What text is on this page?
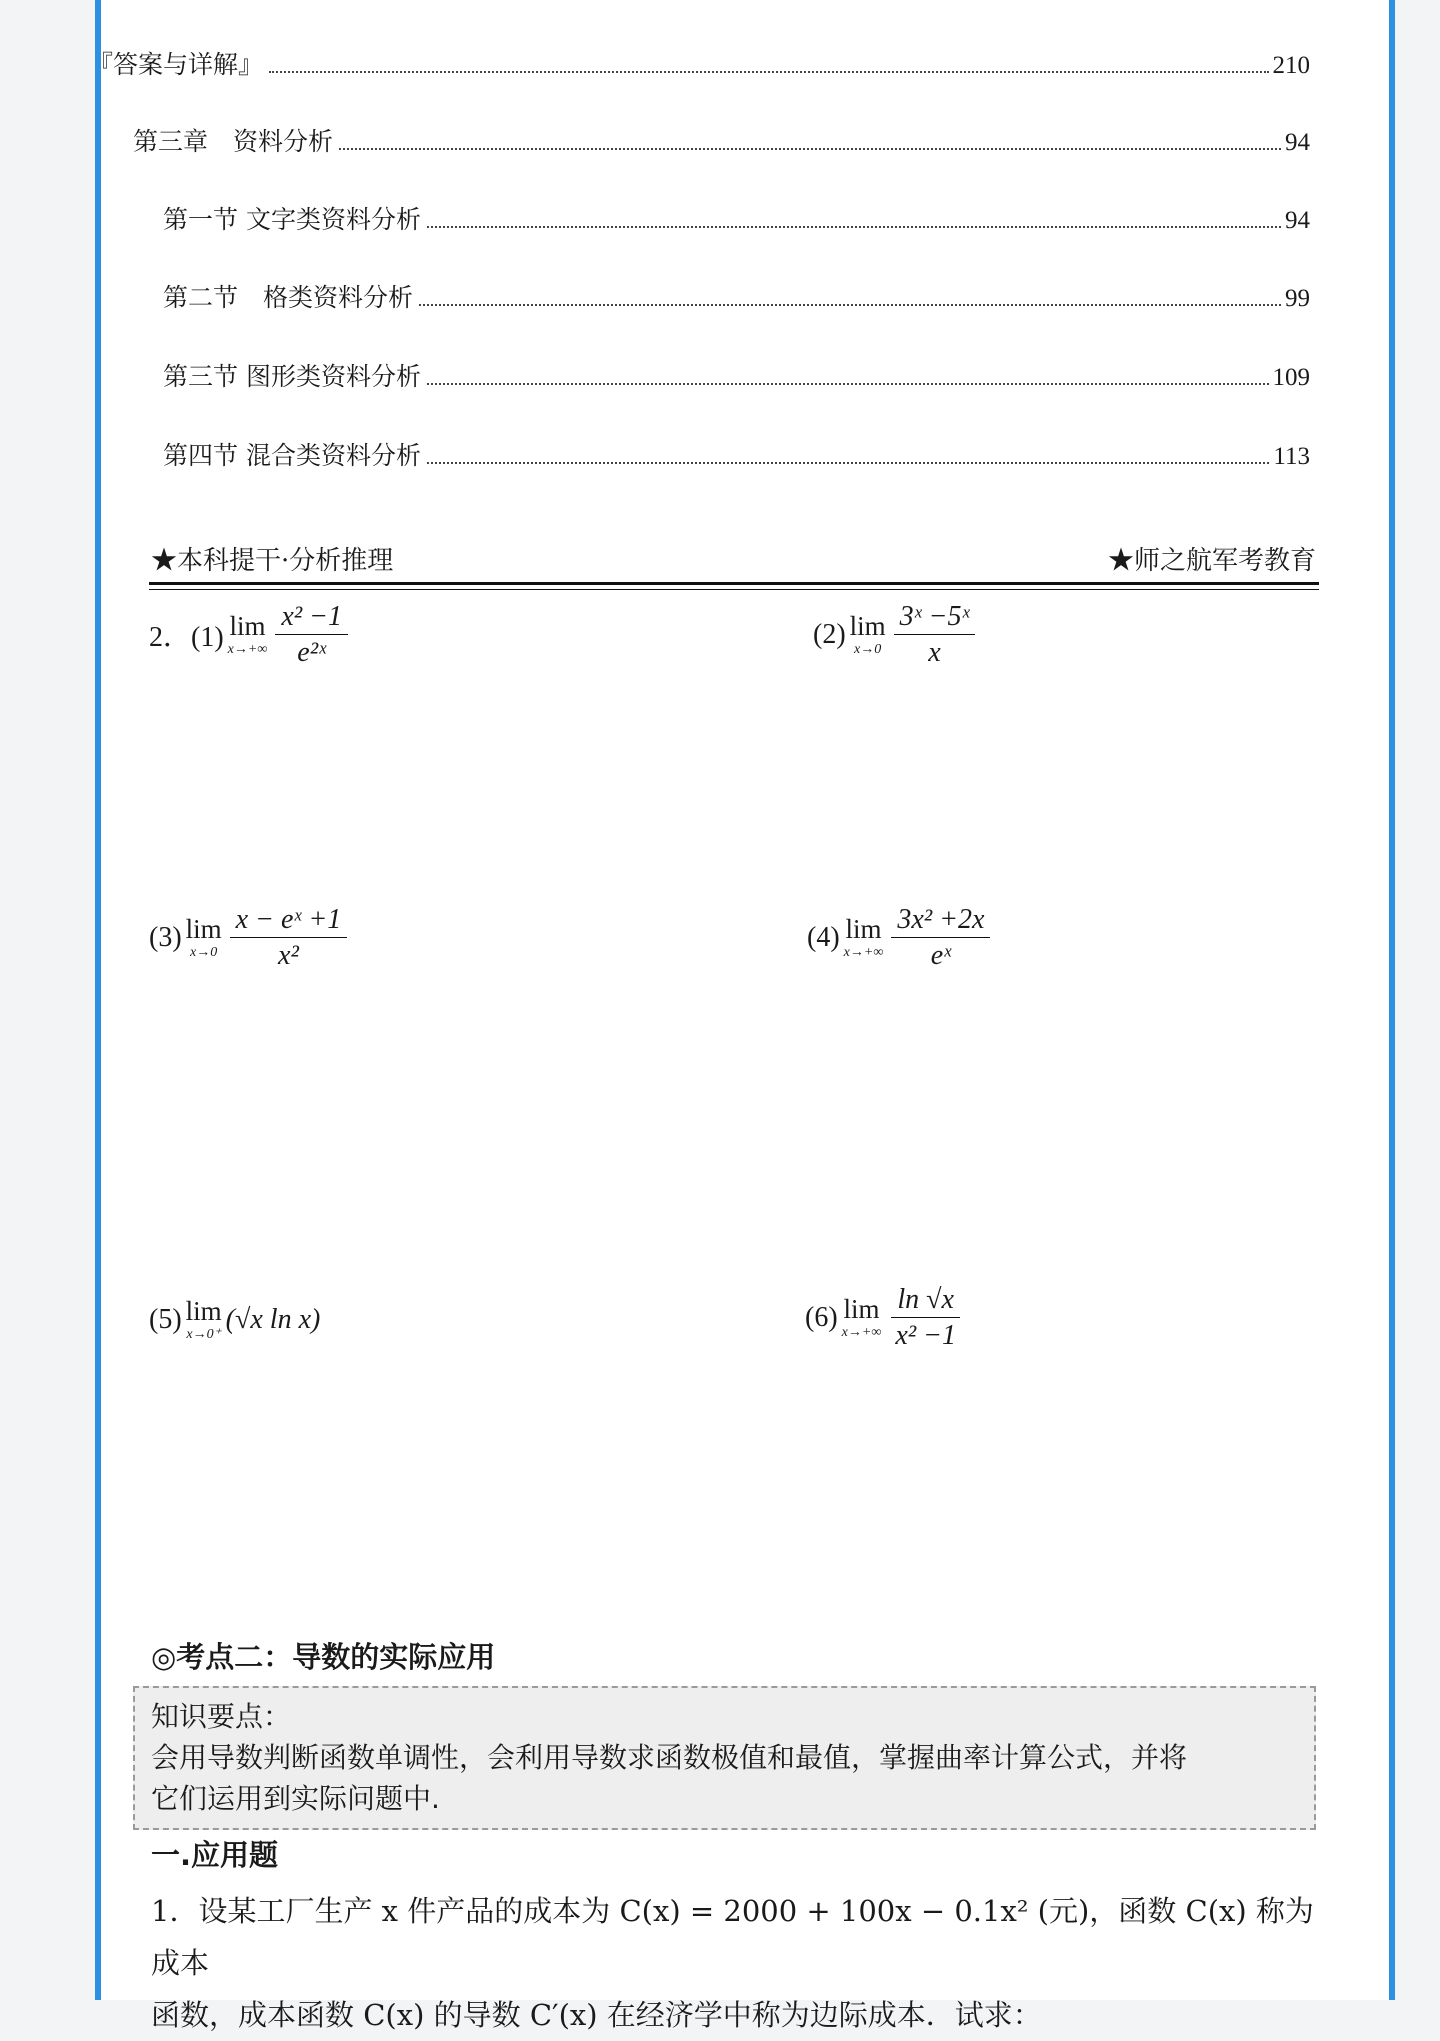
『答案与详解』	210
第三章　资料分析	94
第一节 文字类资料分析	94
第二节　格类资料分析	99
第三节 图形类资料分析	109
第四节 混合类资料分析	113
★本科提干·分析推理	★师之航军考教育
2．(1) lim
$x\to+\infty \frac{\text{x² −1}}{\text{e²ˣ}}$	(2) lim
$x\to 0 \frac{\text{3ˣ −5ˣ}}{x}$
(3) lim
$x\to 0 \frac{\text{x − eˣ +1}}{\text{x²}}$	(4) lim
$x\to+\infty \frac{\text{3x² +2x}}{\text{eˣ}}$
(5) lim
x→0⁺ (√x ln x)	(6) lim
$x\to+\infty \frac{\ln √x}{\text{x² −1}}$
◎考点二：导数的实际应用
知识要点：
会用导数判断函数单调性，会利用导数求函数极值和最值，掌握曲率计算公式，并将
它们运用到实际问题中.
一.应用题
1．设某工厂生产 x 件产品的成本为 C(x) = 2000 + 100x − 0.1x² (元)，函数 C(x) 称为成本
函数，成本函数 C(x) 的导数 C′(x) 在经济学中称为边际成本．试求：
